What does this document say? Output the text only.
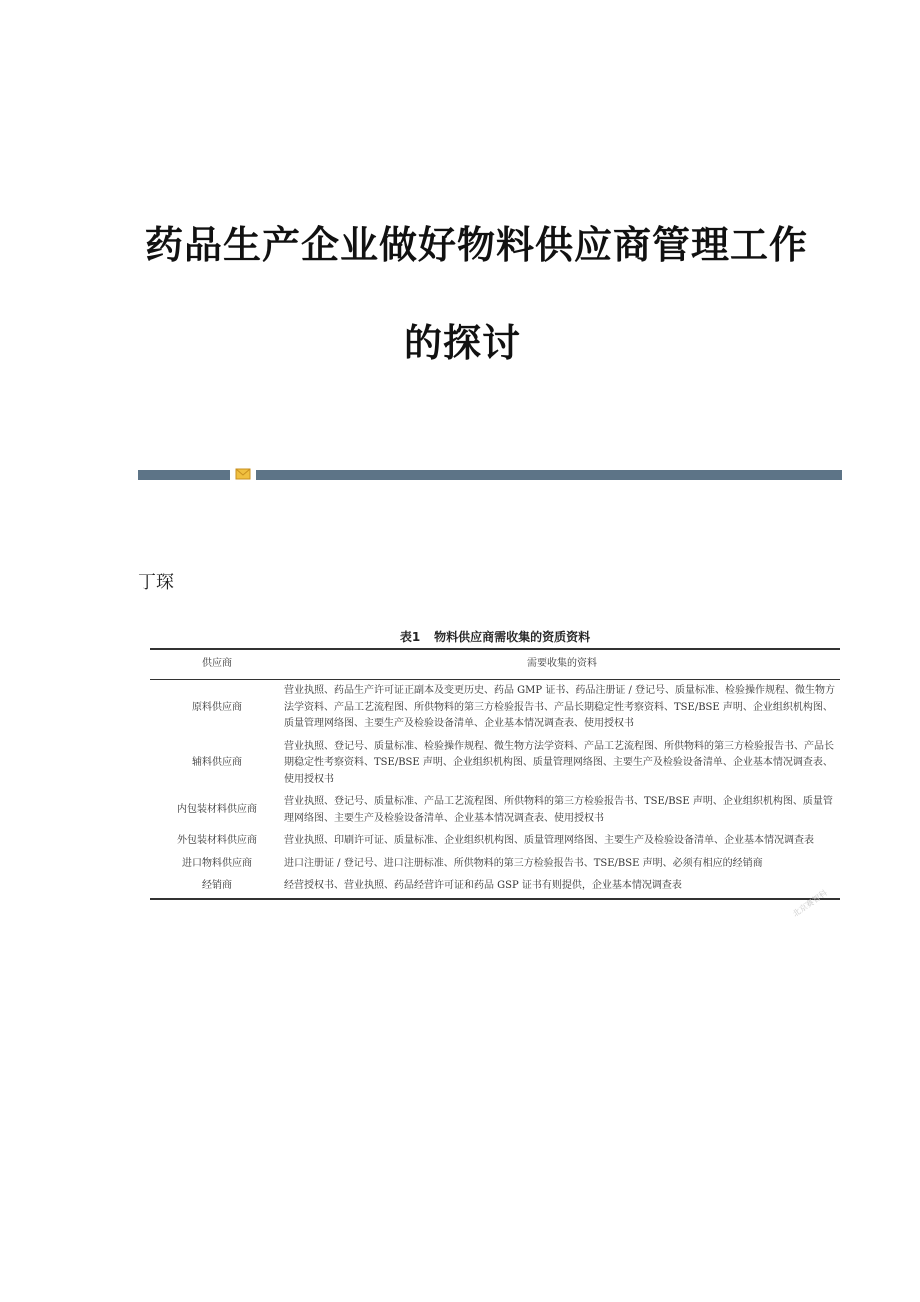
药品生产企业做好物料供应商管理工作
的探讨
丁琛
表1 物料供应商需收集的资质资料
供应商	需要收集的资料
原料供应商	营业执照、药品生产许可证正副本及变更历史、药品 GMP 证书、药品注册证 / 登记号、质量标准、检验操作规程、微生物方法学资料、产品工艺流程图、所供物料的第三方检验报告书、产品长期稳定性考察资料、TSE/BSE 声明、企业组织机构图、质量管理网络图、主要生产及检验设备清单、企业基本情况调查表、使用授权书
辅料供应商	营业执照、登记号、质量标准、检验操作规程、微生物方法学资料、产品工艺流程图、所供物料的第三方检验报告书、产品长期稳定性考察资料、TSE/BSE 声明、企业组织机构图、质量管理网络图、主要生产及检验设备清单、企业基本情况调查表、使用授权书
内包装材料供应商	营业执照、登记号、质量标准、产品工艺流程图、所供物料的第三方检验报告书、TSE/BSE 声明、企业组织机构图、质量管理网络图、主要生产及检验设备清单、企业基本情况调查表、使用授权书
外包装材料供应商	营业执照、印刷许可证、质量标准、企业组织机构图、质量管理网络图、主要生产及检验设备清单、企业基本情况调查表
进口物料供应商	进口注册证 / 登记号、进口注册标准、所供物料的第三方检验报告书、TSE/BSE 声明、必须有相应的经销商
经销商	经营授权书、营业执照、药品经营许可证和药品 GSP 证书有则提供，企业基本情况调查表
北京赛智科
